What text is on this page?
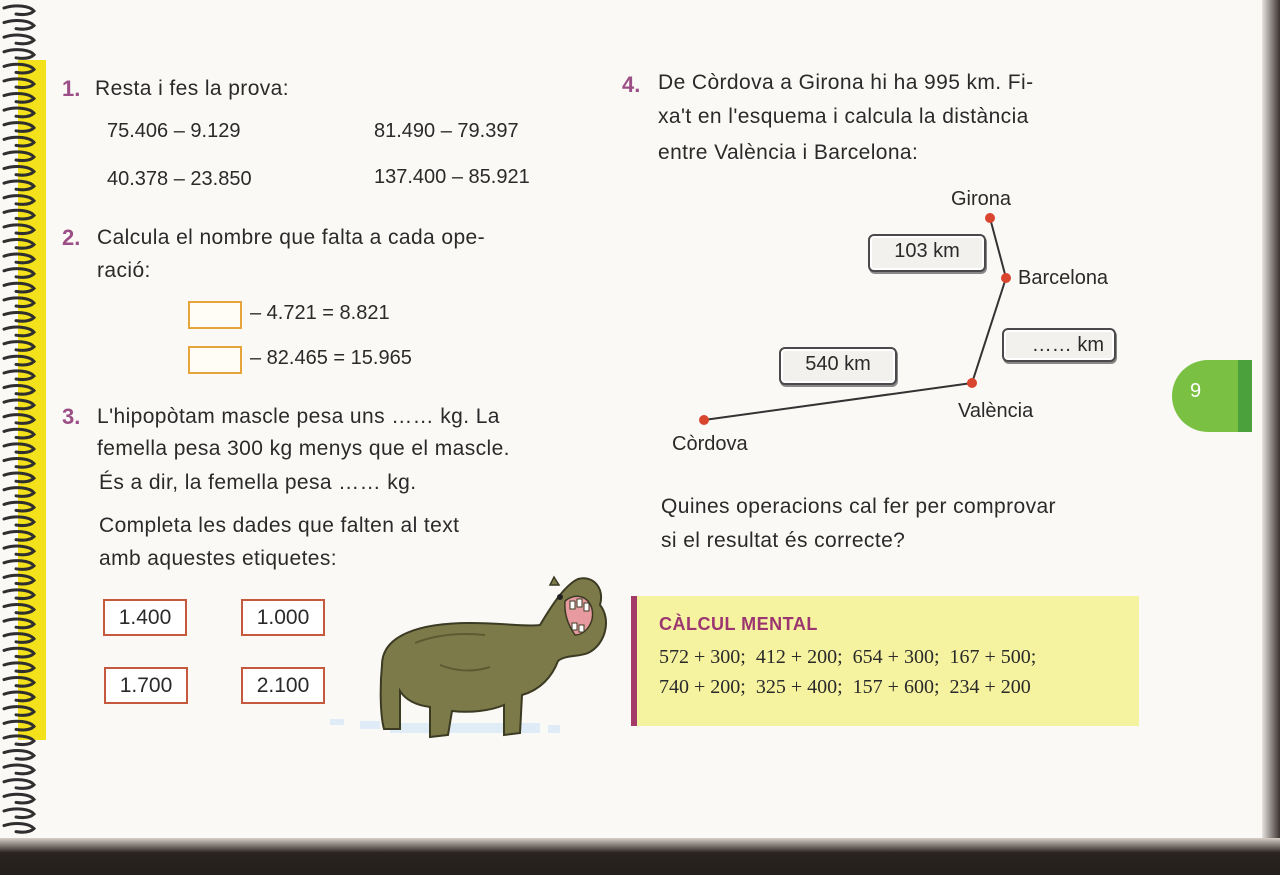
1. Resta i fes la prova:
75.406 – 9.129	81.490 – 79.397
40.378 – 23.850	137.400 – 85.921
2. Calcula el nombre que falta a cada ope-
ració:
– 4.721 = 8.821
– 82.465 = 15.965
3. L'hipopòtam mascle pesa uns …… kg. La
femella pesa 300 kg menys que el mascle.
És a dir, la femella pesa …… kg.
Completa les dades que falten al text
amb aquestes etiquetes:
1.400	1.000
1.700	2.100
4. De Còrdova a Girona hi ha 995 km. Fi-
xa't en l'esquema i calcula la distància
entre València i Barcelona:
Girona
Barcelona
València
Còrdova
103 km
…… km
540 km
Quines operacions cal fer per comprovar
si el resultat és correcte?
9
CÀLCUL MENTAL
572 + 300;  412 + 200;  654 + 300;  167 + 500;
740 + 200;  325 + 400;  157 + 600;  234 + 200
